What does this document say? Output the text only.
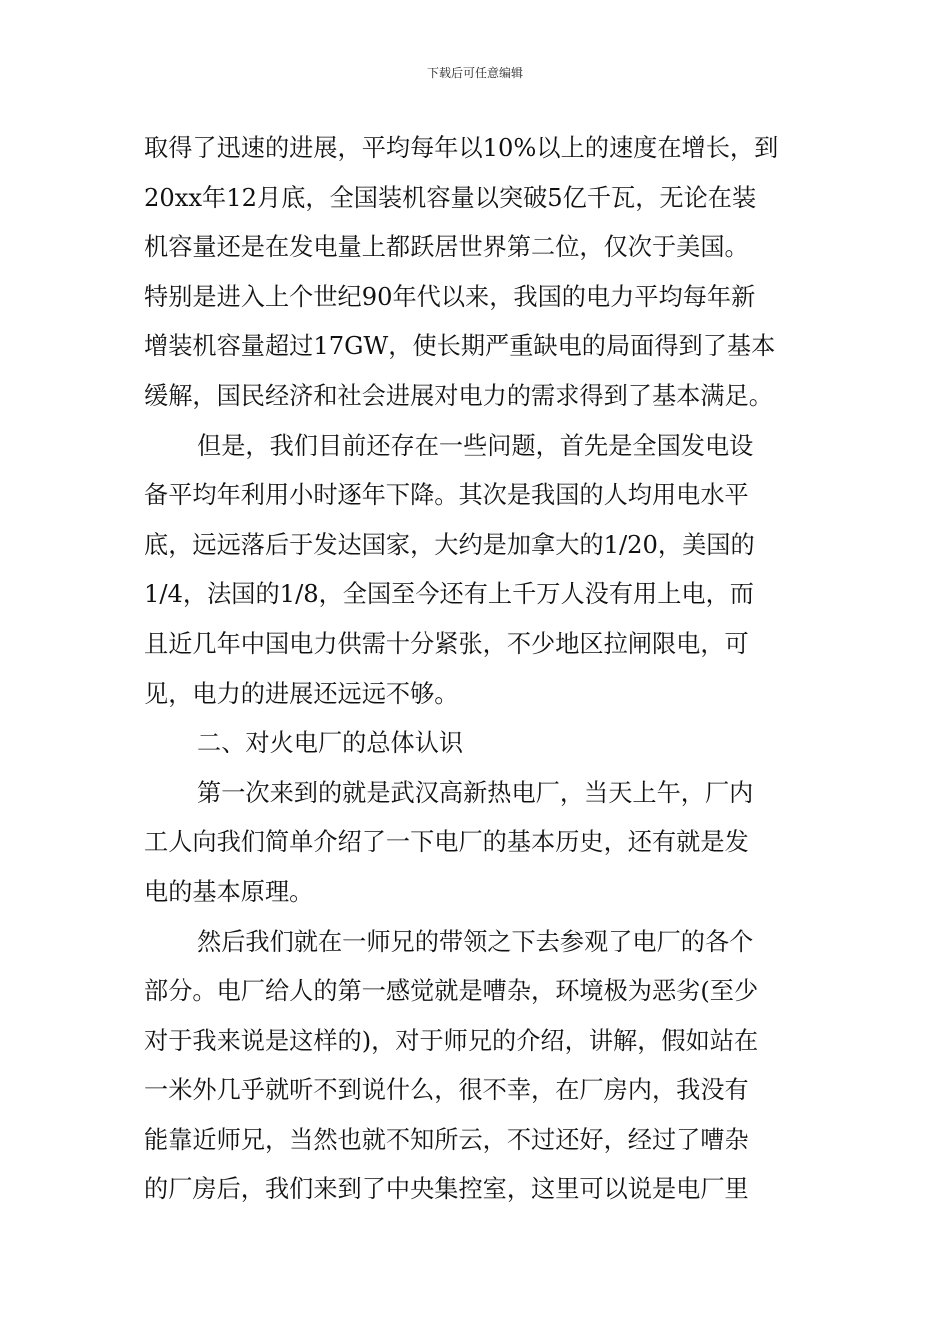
下载后可任意编辑
取得了迅速的进展，平均每年以10%以上的速度在增长，到
20xx年12月底，全国装机容量以突破5亿千瓦，无论在装
机容量还是在发电量上都跃居世界第二位，仅次于美国。
特别是进入上个世纪90年代以来，我国的电力平均每年新
增装机容量超过17GW，使长期严重缺电的局面得到了基本
缓解，国民经济和社会进展对电力的需求得到了基本满足。
但是，我们目前还存在一些问题，首先是全国发电设
备平均年利用小时逐年下降。其次是我国的人均用电水平
底，远远落后于发达国家，大约是加拿大的1/20，美国的
1/4，法国的1/8，全国至今还有上千万人没有用上电，而
且近几年中国电力供需十分紧张，不少地区拉闸限电，可
见，电力的进展还远远不够。
二、对火电厂的总体认识
第一次来到的就是武汉高新热电厂，当天上午，厂内
工人向我们简单介绍了一下电厂的基本历史，还有就是发
电的基本原理。
然后我们就在一师兄的带领之下去参观了电厂的各个
部分。电厂给人的第一感觉就是嘈杂，环境极为恶劣(至少
对于我来说是这样的)，对于师兄的介绍，讲解，假如站在
一米外几乎就听不到说什么，很不幸，在厂房内，我没有
能靠近师兄，当然也就不知所云，不过还好，经过了嘈杂
的厂房后，我们来到了中央集控室，这里可以说是电厂里
